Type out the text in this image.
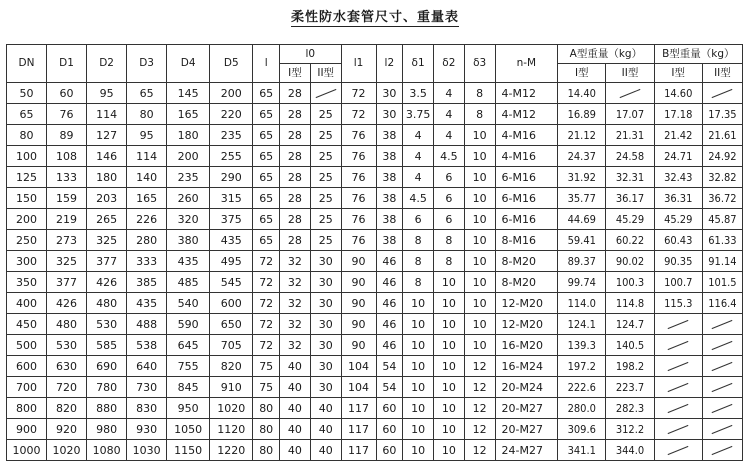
柔性防水套管尺寸、重量表
DN	D1	D2	D3	D4	D5	l	l0		l1	l2	δ1	δ2	δ3	n-M	A型重量（kg）		B型重量（kg）	
							I型	II型							I型	II型	I型	II型
50	60	95	65	145	200	65	28		72	30	3.5	4	8	4-M12	14.40		14.60	
65	76	114	80	165	220	65	28	25	72	30	3.75	4	8	4-M12	16.89	17.07	17.18	17.35
80	89	127	95	180	235	65	28	25	76	38	4	4	10	4-M16	21.12	21.31	21.42	21.61
100	108	146	114	200	255	65	28	25	76	38	4	4.5	10	4-M16	24.37	24.58	24.71	24.92
125	133	180	140	235	290	65	28	25	76	38	4	6	10	6-M16	31.92	32.31	32.43	32.82
150	159	203	165	260	315	65	28	25	76	38	4.5	6	10	6-M16	35.77	36.17	36.31	36.72
200	219	265	226	320	375	65	28	25	76	38	6	6	10	6-M16	44.69	45.29	45.29	45.87
250	273	325	280	380	435	65	28	25	76	38	8	8	10	8-M16	59.41	60.22	60.43	61.33
300	325	377	333	435	495	72	32	30	90	46	8	8	10	8-M20	89.37	90.02	90.35	91.14
350	377	426	385	485	545	72	32	30	90	46	8	10	10	8-M20	99.74	100.3	100.7	101.5
400	426	480	435	540	600	72	32	30	90	46	10	10	10	12-M20	114.0	114.8	115.3	116.4
450	480	530	488	590	650	72	32	30	90	46	10	10	10	12-M20	124.1	124.7		
500	530	585	538	645	705	72	32	30	90	46	10	10	10	16-M20	139.3	140.5		
600	630	690	640	755	820	75	40	30	104	54	10	10	12	16-M24	197.2	198.2		
700	720	780	730	845	910	75	40	30	104	54	10	10	12	20-M24	222.6	223.7		
800	820	880	830	950	1020	80	40	40	117	60	10	10	12	20-M27	280.0	282.3		
900	920	980	930	1050	1120	80	40	40	117	60	10	10	12	20-M27	309.6	312.2		
1000	1020	1080	1030	1150	1220	80	40	40	117	60	10	10	12	24-M27	341.1	344.0		
